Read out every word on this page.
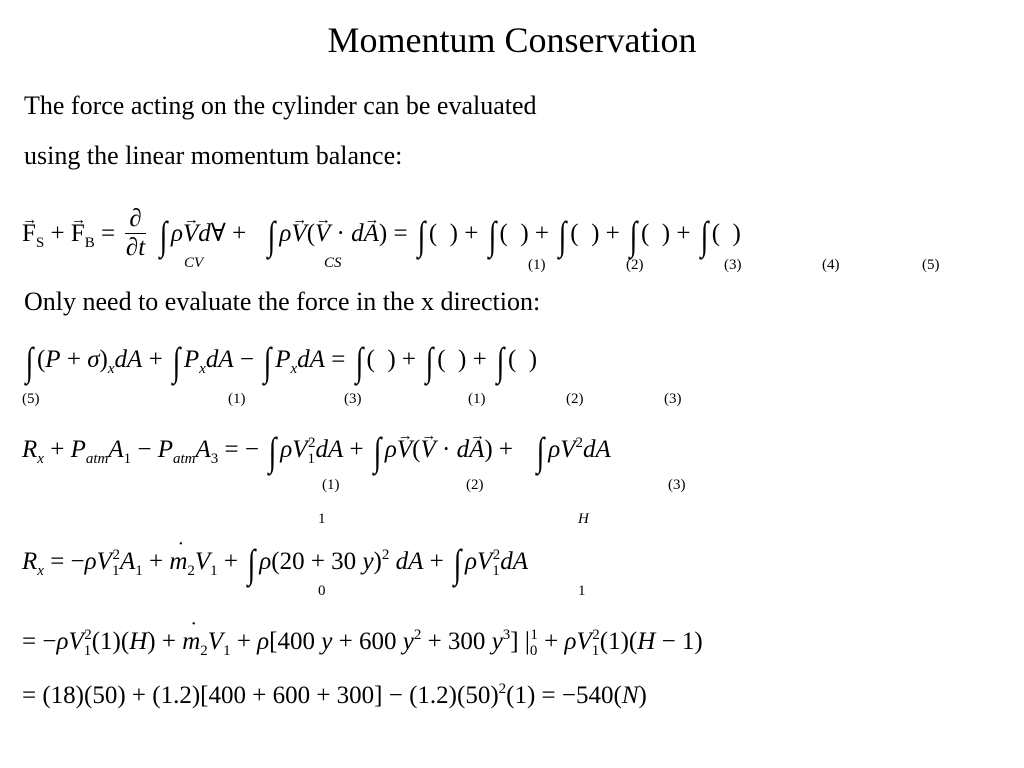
Momentum Conservation
The force acting on the cylinder can be evaluated
using the linear momentum balance:
→ $F_S$ + → $F_B = \frac{\partial}{\partial t}$ ∫ ρ→ Vd∀ + ∫ ρ→ V(→ V · d→ A) = ∫ (  ) + ∫ (  ) + ∫ (  ) + ∫ (  ) + ∫ (  )
CV	CS	(1)	(2)	(3)	(4)	(5)
Only need to evaluate the force in the x direction:
∫ $(P + \sigma)_xdA$ + ∫ $P_xdA$ − ∫ $P_xdA$ = ∫ (  ) + ∫ (  ) + ∫ (  )
(5)	(1)	(3)	(1)	(2)	(3)
$R_x + P_{atm}A_1 - P_{atm}A_3$ = − ∫ $\rho V_1^2dA$ + ∫ ρ→ V(→ V · d→ A) + ∫ $\rho V^2dA$
(1)	(2)	(3)
1	H
$R_x = -\rho V_1^2A_1$ + · $m_2V_1$ + ∫ ρ(20 + 30 y)$^2$ dA + ∫ $\rho V_1^2dA$
0	1
= $-\rho V_1^2(1)(H)$ + · $m_2V_1 + \rho[400$ y + 600 $y^2 + 300$ $y^3$] $|_0^1 + \rho V_1^2(1)(H - 1)$
= $(18)(50) + (1.2)[400 + 600 + 300] - (1.2)(50)^2(1) = -540(N)$
